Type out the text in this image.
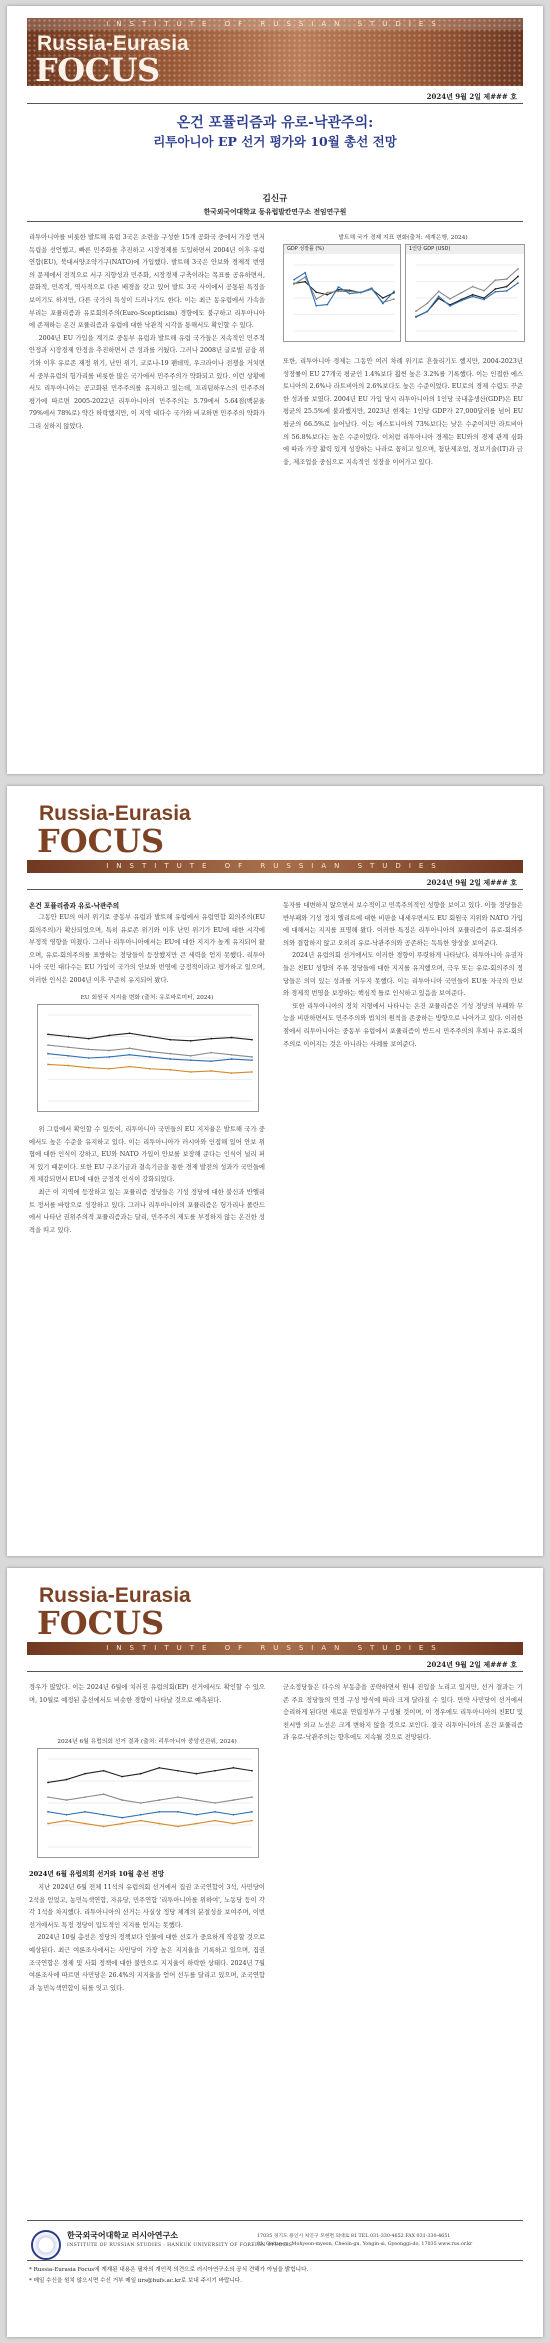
INSTITUTE OF RUSSIAN STUDIES
Russia-Eurasia
FOCUS
2024년 9월 2일 제### 호
온건 포퓰리즘과 유로-낙관주의:
리투아니아 EP 선거 평가와 10월 총선 전망
김신규
한국외국어대학교 동유럽발칸연구소 전임연구원
리투아니아를 비롯한 발트해 유럽 3국은 소련을 구성한 15개 공화국 중에서 가장 먼저 독립을 선언했고, 빠른 민주화를 추진하고 시장경제를 도입하면서 2004년 이후 유럽연합(EU), 북대서양조약기구(NATO)에 가입했다. 발트해 3국은 안보와 경제적 번영의 문제에서 전적으로 서구 지향성과 민주화, 시장경제 구축이라는 목표를 공유하면서, 문화적, 민족적, 역사적으로 다른 배경을 갖고 있어 발트 3국 사이에서 공통된 특징을 보이기도 하지만, 다른 국가의 특성이 드러나기도 한다. 이는 최근 동유럽에서 가속을 부리는 포퓰리즘과 유로회의주의(Euro-Scepticism) 경향에도 불구하고 리투아니아에 존재하는 온건 포퓰리즘과 유럽에 대한 낙관적 시각을 통해서도 확인할 수 있다.
2004년 EU 가입을 계기로 중동부 유럽과 발트해 유럽 국가들은 지속적인 민주적 안정과 시장경제 안정을 추진하면서 큰 성과를 거뒀다. 그러나 2008년 글로벌 금융 위기와 이후 유로존 재정 위기, 난민 위기, 코로나-19 팬데믹, 우크라이나 전쟁을 거치면서 중부유럽의 헝가리를 비롯한 많은 국가에서 민주주의가 약화되고 있다. 이런 상황에서도 리투아니아는 공고화된 민주주의를 유지하고 있는데, 프리덤하우스의 민주주의 평가에 따르면 2005-2022년 리투아니아의 민주주의는 5.79에서 5.64점(백분율 79%에서 78%로) 약간 하락했지만, 이 지역 대다수 국가와 비교하면 민주주의 약화가 그리 심하지 않았다.
발트해 국가 경제 지표 변화(출처: 세계은행, 2024)
GDP 성장률 (%)	1인당 GDP (USD)
또한, 리투아니아 경제는 그동안 여러 차례 위기로 흔들리기도 했지만, 2004-2023년 성장률이 EU 27개국 평균인 1.4%보다 훨씬 높은 3.2%를 기록했다. 이는 인접한 에스토니아의 2.6%나 라트비아의 2.6%보다도 높은 수준이었다. EU로의 경제 수렴도 꾸준한 성과를 보였다. 2004년 EU 가입 당시 리투아니아의 1인당 국내총생산(GDP)은 EU 평균의 25.5%에 불과했지만, 2023년 현재는 1인당 GDP가 27,000달러를 넘어 EU 평균의 66.5%로 늘어났다. 이는 에스토니아의 73%보다는 낮은 수준이지만 라트비아의 56.8%보다는 높은 수준이었다. 이처럼 리투아니아 경제는 EU와의 경제 관계 심화에 따라 가장 활력 있게 성장하는 나라로 꼽히고 있으며, 첨단제조업, 정보기술(IT)과 금융, 제조업을 중심으로 지속적인 성장을 이어가고 있다.
Russia-Eurasia
FOCUS
INSTITUTE OF RUSSIAN STUDIES
2024년 9월 2일 제### 호
온건 포퓰리즘과 유로-낙관주의
그동안 EU의 여러 위기로 중동부 유럽과 발트해 유럽에서 유럽연합 회의주의(EU 회의주의)가 확산되었으며, 특히 유로존 위기와 이후 난민 위기가 EU에 대한 시각에 부정적 영향을 미쳤다. 그러나 리투아니아에서는 EU에 대한 지지가 높게 유지되어 왔으며, 유로-회의주의를 표방하는 정당들이 등장했지만 큰 세력을 얻지 못했다. 리투아니아 국민 대다수는 EU 가입이 국가의 안보와 번영에 긍정적이라고 평가하고 있으며, 이러한 인식은 2004년 이후 꾸준히 유지되어 왔다.
EU 회원국 지지율 변화 (출처: 유로바로미터, 2024)
위 그림에서 확인할 수 있듯이, 리투아니아 국민들의 EU 지지율은 발트해 국가 중에서도 높은 수준을 유지하고 있다. 이는 리투아니아가 러시아와 인접해 있어 안보 위협에 대한 인식이 강하고, EU와 NATO 가입이 안보를 보장해 준다는 인식이 널리 퍼져 있기 때문이다. 또한 EU 구조기금과 결속기금을 통한 경제 발전의 성과가 국민들에게 체감되면서 EU에 대한 긍정적 인식이 강화되었다.
최근 이 지역에 등장하고 있는 포퓰리즘 정당들은 기성 정당에 대한 불신과 반엘리트 정서를 바탕으로 성장하고 있다. 그러나 리투아니아의 포퓰리즘은 헝가리나 폴란드에서 나타난 권위주의적 포퓰리즘과는 달리, 민주주의 제도를 부정하지 않는 온건한 성격을 띠고 있다.
동자를 대변하지 않으면서 보수적이고 민족주의적인 성향을 보이고 있다. 이들 정당들은 반부패와 기성 정치 엘리트에 대한 비판을 내세우면서도 EU 회원국 지위와 NATO 가입에 대해서는 지지를 표명해 왔다. 이러한 특징은 리투아니아의 포퓰리즘이 유로-회의주의와 결합하지 않고 오히려 유로-낙관주의와 공존하는 독특한 양상을 보여준다.
2024년 유럽의회 선거에서도 이러한 경향이 뚜렷하게 나타났다. 리투아니아 유권자들은 친EU 성향의 주류 정당들에 대한 지지를 유지했으며, 극우 또는 유로-회의주의 정당들은 의미 있는 성과를 거두지 못했다. 이는 리투아니아 국민들이 EU를 자국의 안보와 경제적 번영을 보장하는 핵심적 틀로 인식하고 있음을 보여준다.
또한 리투아니아의 정치 지형에서 나타나는 온건 포퓰리즘은 기성 정당의 부패와 무능을 비판하면서도 민주주의와 법치의 원칙을 존중하는 방향으로 나아가고 있다. 이러한 점에서 리투아니아는 중동부 유럽에서 포퓰리즘이 반드시 민주주의의 후퇴나 유로-회의주의로 이어지는 것은 아니라는 사례를 보여준다.
Russia-Eurasia
FOCUS
INSTITUTE OF RUSSIAN STUDIES
2024년 9월 2일 제### 호
경우가 많았다. 이는 2024년 6월에 치러진 유럽의회(EP) 선거에서도 확인할 수 있으며, 10월로 예정된 총선에서도 비슷한 경향이 나타날 것으로 예측된다.
2024년 6월 유럽의회 선거 결과 (출처: 리투아니아 중앙선관위, 2024)
2024년 6월 유럽의회 선거와 10월 총선 전망
지난 2024년 6월 전체 11석의 유럽의회 선거에서 집권 조국연합이 3석, 사민당이 2석을 얻었고, 농민녹색연합, 자유당, 민주연합 '리투아니아를 위하여', 노동당 등이 각각 1석을 차지했다. 리투아니아의 선거는 사실상 정당 체계의 분절성을 보여주며, 이번 선거에서도 특정 정당이 압도적인 지지를 얻지는 못했다.
2024년 10월 총선은 정당의 정책보다 인물에 대한 선호가 중요하게 작용할 것으로 예상된다. 최근 여론조사에서는 사민당이 가장 높은 지지율을 기록하고 있으며, 집권 조국연합은 경제 및 사회 정책에 대한 불만으로 지지율이 하락한 상태다. 2024년 7월 여론조사에 따르면 사민당은 26.4%의 지지율을 얻어 선두를 달리고 있으며, 조국연합과 농민녹색연합이 뒤를 잇고 있다.
군소정당들은 다수의 부동층을 공략하면서 원내 진입을 노리고 있지만, 선거 결과는 기존 주요 정당들의 연정 구성 방식에 따라 크게 달라질 수 있다. 만약 사민당이 선거에서 승리하게 된다면 새로운 연립정부가 구성될 것이며, 이 경우에도 리투아니아의 친EU 및 친서방 외교 노선은 크게 변하지 않을 것으로 보인다. 결국 리투아니아의 온건 포퓰리즘과 유로-낙관주의는 향후에도 지속될 것으로 전망된다.
한국외국어대학교 러시아연구소
INSTITUTE OF RUSSIAN STUDIES · HANKUK UNIVERSITY OF FOREIGN STUDIES
17035 경기도 용인시 처인구 모현면 외대로 81 TEL 031-330-4652 FAX 031-330-4651
81, Oedae-ro, Mohyeon-myeon, Cheoin-gu, Yongin-si, Gyeonggi-do, 17035 www.rus.or.kr
* Russia-Eurasia Focus에 게재된 내용은 필자의 개인적 의견으로 러시아연구소의 공식 견해가 아님을 밝힙니다.
* 메일 수신을 원치 않으시면 수신 거부 메일 iirs@hufs.ac.kr로 보내 주시기 바랍니다.
